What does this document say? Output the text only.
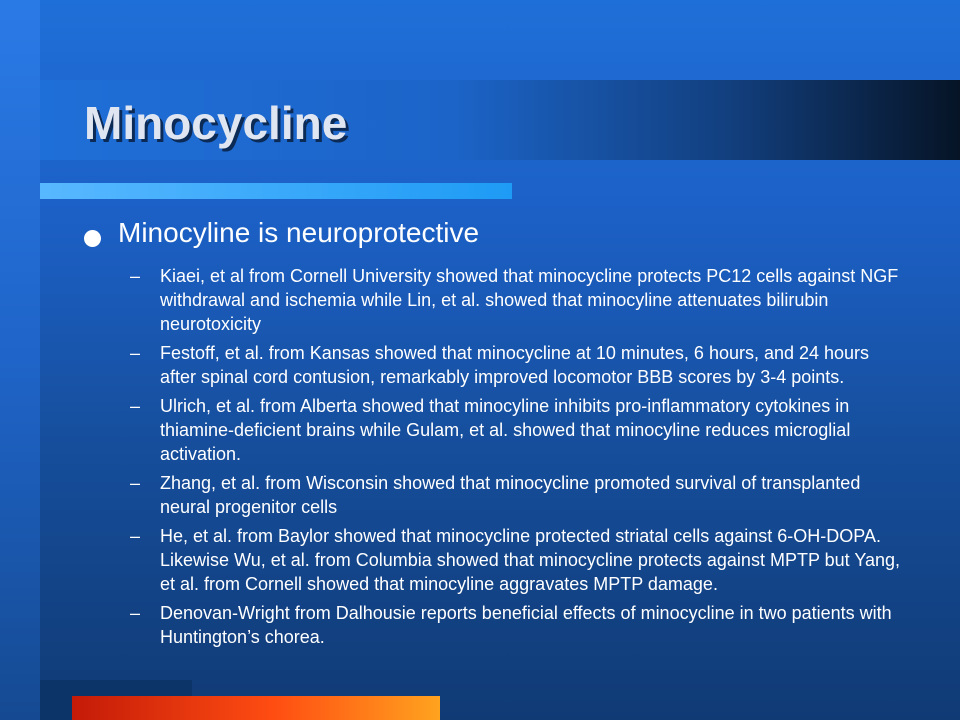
Minocycline
Minocyline is neuroprotective
– Kiaei, et al from Cornell University showed that minocycline protects PC12 cells against NGF withdrawal and ischemia while Lin, et al. showed that minocyline attenuates bilirubin neurotoxicity
– Festoff, et al. from Kansas showed that minocycline at 10 minutes, 6 hours, and 24 hours after spinal cord contusion, remarkably improved locomotor BBB scores by 3-4 points.
– Ulrich, et al. from Alberta showed that minocyline inhibits pro-inflammatory cytokines in thiamine-deficient brains while Gulam, et al. showed that minocyline reduces microglial activation.
– Zhang, et al. from Wisconsin showed that minocycline promoted survival of transplanted neural progenitor cells
– He, et al. from Baylor showed that minocycline protected striatal cells against 6-OH-DOPA. Likewise Wu, et al. from Columbia showed that minocycline protects against MPTP but Yang, et al. from Cornell showed that minocyline aggravates MPTP damage.
– Denovan-Wright from Dalhousie reports beneficial effects of minocycline in two patients with Huntington’s chorea.
